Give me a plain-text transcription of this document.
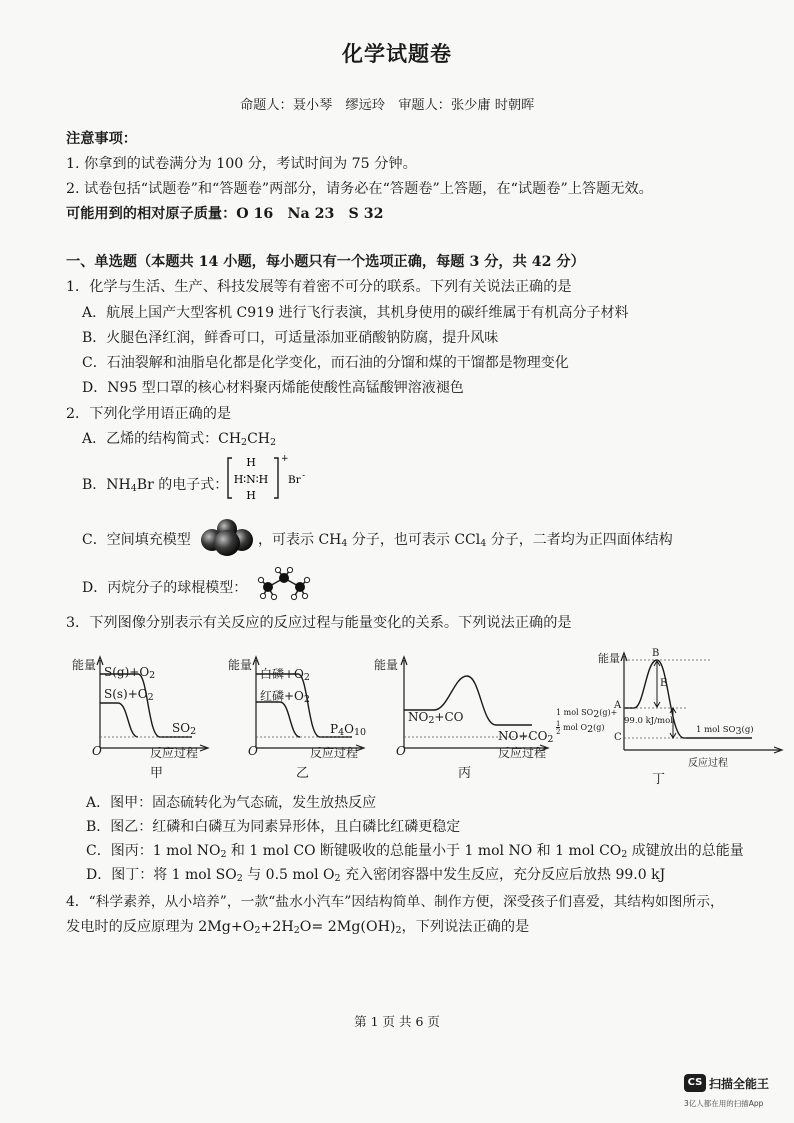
化学试题卷
命题人：聂小琴　缪远玲　审题人：张少庸 时朝晖
注意事项：
1. 你拿到的试卷满分为 100 分，考试时间为 75 分钟。
2. 试卷包括“试题卷”和“答题卷”两部分，请务必在“答题卷”上答题，在“试题卷”上答题无效。
可能用到的相对原子质量：O 16　Na 23　S 32
一、单选题（本题共 14 小题，每小题只有一个选项正确，每题 3 分，共 42 分）
1．化学与生活、生产、科技发展等有着密不可分的联系。下列有关说法正确的是
A．航展上国产大型客机 C919 进行飞行表演，其机身使用的碳纤维属于有机高分子材料
B．火腿色泽红润，鲜香可口，可适量添加亚硝酸钠防腐，提升风味
C．石油裂解和油脂皂化都是化学变化，而石油的分馏和煤的干馏都是物理变化
D．N95 型口罩的核心材料聚丙烯能使酸性高锰酸钾溶液褪色
2．下列化学用语正确的是
A．乙烯的结构简式：$CH_2CH_2$
B．$NH_4Br$ 的电子式：
H
H∶N∶H
H
+
Br -
C．空间填充模型	，可表示 $CH_4$ 分子，也可表示 CCl$_4$ 分子，二者均为正四面体结构
D．丙烷分子的球棍模型：
3．下列图像分别表示有关反应的反应过程与能量变化的关系。下列说法正确的是
能量 $S(g)+O_2$
$S(s)+O_2$
$SO_2$
O	反应过程
甲
能量
白磷$+O_2$
红磷$+O_2$
$P_4O_{10}$
O	反应过程
乙
能量
$NO_2+CO$
$NO+CO_2$
O	反应过程
丙
能量	B
A
C
E
99.0 kJ/mol
1 mol $SO_2(g)+$
$\frac{1}{2}$ mol $O_2(g)$	1 mol $SO_3(g)$
反应过程
丁
A．图甲：固态硫转化为气态硫，发生放热反应
B．图乙：红磷和白磷互为同素异形体，且白磷比红磷更稳定
C．图丙：1 mol $NO_2$ 和 1 mol CO 断键吸收的总能量小于 1 mol NO 和 1 mol $CO_2$ 成键放出的总能量
D．图丁：将 1 mol $SO_2$ 与 0.5 mol $O_2$ 充入密闭容器中发生反应，充分反应后放热 99.0 kJ
4．“科学素养，从小培养”，一款“盐水小汽车”因结构简单、制作方便，深受孩子们喜爱，其结构如图所示，
发电时的反应原理为 $2Mg+O_2+2H_2O= 2Mg(OH)_2$，下列说法正确的是
第 1 页 共 6 页
CS 扫描全能王
3亿人都在用的扫描App
